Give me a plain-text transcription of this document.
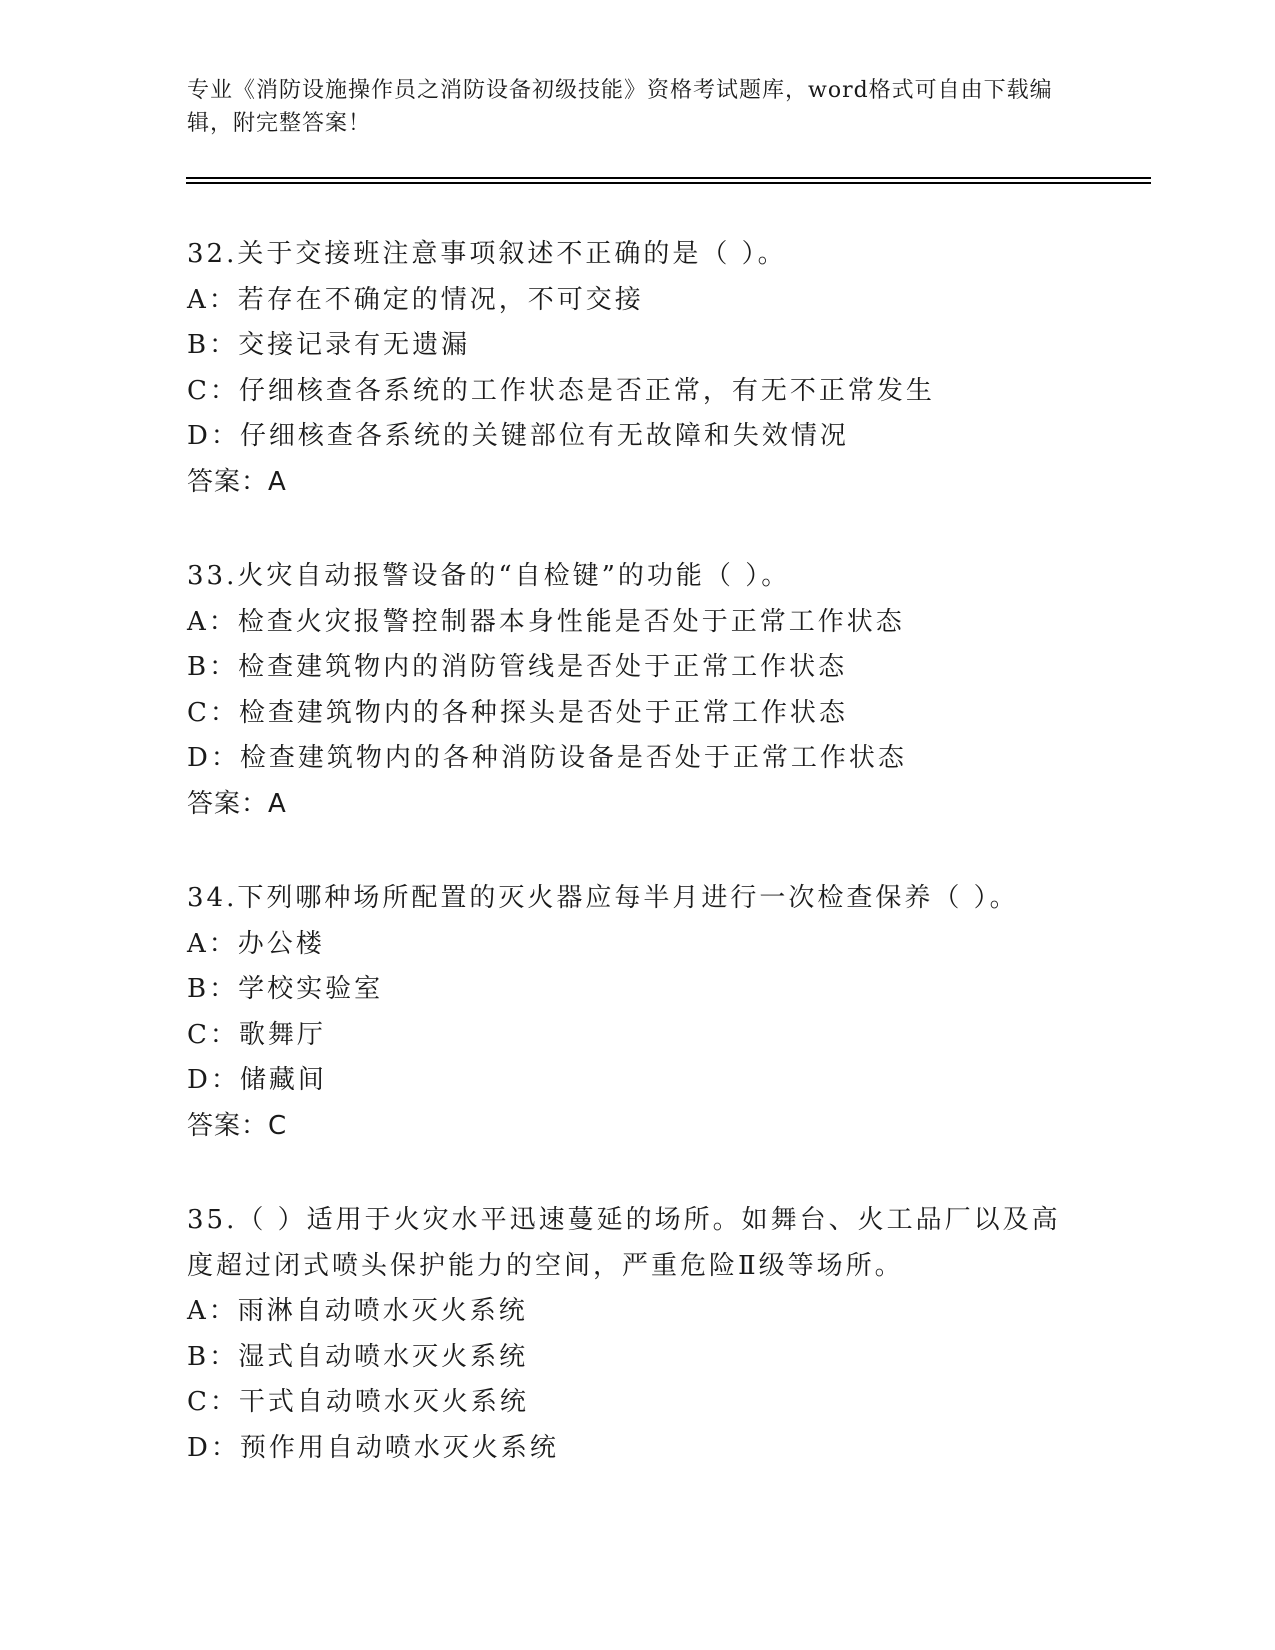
专业《消防设施操作员之消防设备初级技能》资格考试题库，word格式可自由下载编辑，附完整答案！
32.关于交接班注意事项叙述不正确的是（ ）。
A：若存在不确定的情况，不可交接
B：交接记录有无遗漏
C：仔细核查各系统的工作状态是否正常，有无不正常发生
D：仔细核查各系统的关键部位有无故障和失效情况
答案：A
33.火灾自动报警设备的“自检键”的功能（ ）。
A：检查火灾报警控制器本身性能是否处于正常工作状态
B：检查建筑物内的消防管线是否处于正常工作状态
C：检查建筑物内的各种探头是否处于正常工作状态
D：检查建筑物内的各种消防设备是否处于正常工作状态
答案：A
34.下列哪种场所配置的灭火器应每半月进行一次检查保养（ ）。
A：办公楼
B：学校实验室
C：歌舞厅
D：储藏间
答案：C
35.（ ）适用于火灾水平迅速蔓延的场所。如舞台、火工品厂以及高度超过闭式喷头保护能力的空间，严重危险Ⅱ级等场所。
A：雨淋自动喷水灭火系统
B：湿式自动喷水灭火系统
C：干式自动喷水灭火系统
D：预作用自动喷水灭火系统
